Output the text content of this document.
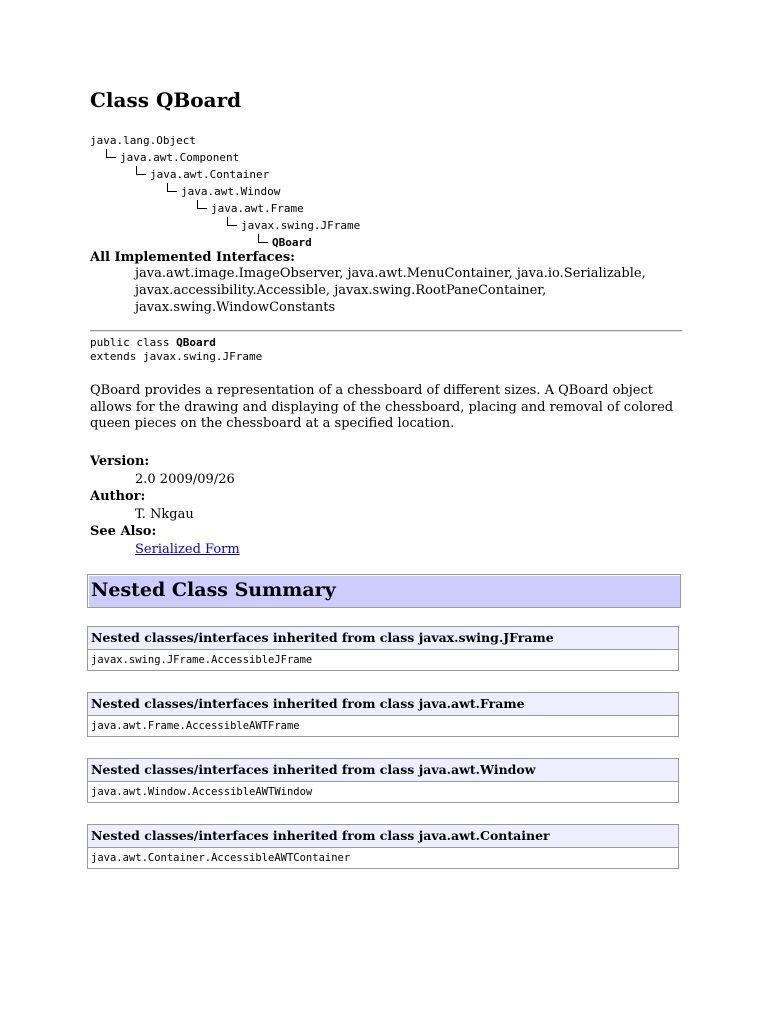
Class QBoard
java.lang.Object
java.awt.Component
java.awt.Container
java.awt.Window
java.awt.Frame
javax.swing.JFrame
QBoard
All Implemented Interfaces:
java.awt.image.ImageObserver, java.awt.MenuContainer, java.io.Serializable,
javax.accessibility.Accessible, javax.swing.RootPaneContainer,
javax.swing.WindowConstants
public class QBoard
extends javax.swing.JFrame
QBoard provides a representation of a chessboard of different sizes. A QBoard object allows for the drawing and displaying of the chessboard, placing and removal of colored queen pieces on the chessboard at a specified location.
Version:
2.0 2009/09/26
Author:
T. Nkgau
See Also:
Serialized Form
Nested Class Summary
Nested classes/interfaces inherited from class javax.swing.JFrame
javax.swing.JFrame.AccessibleJFrame
Nested classes/interfaces inherited from class java.awt.Frame
java.awt.Frame.AccessibleAWTFrame
Nested classes/interfaces inherited from class java.awt.Window
java.awt.Window.AccessibleAWTWindow
Nested classes/interfaces inherited from class java.awt.Container
java.awt.Container.AccessibleAWTContainer
